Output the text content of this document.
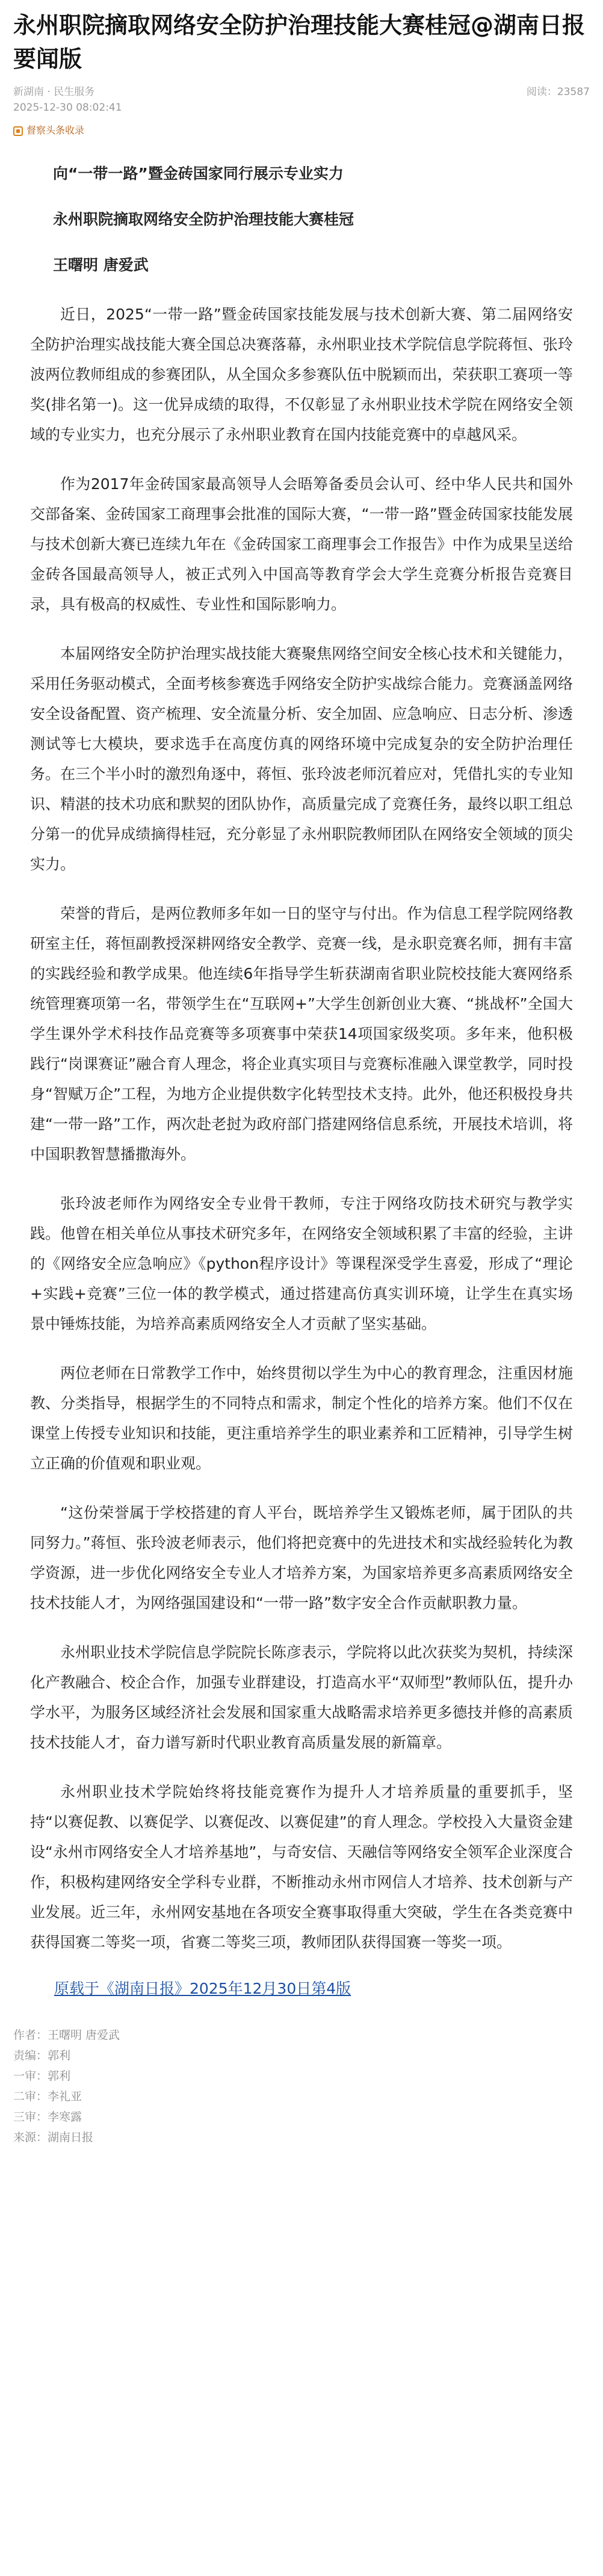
永州职院摘取网络安全防护治理技能大赛桂冠@湖南日报要闻版
新湖南 · 民生服务
2025-12-30 08:02:41
阅读：23587
督察头条收录

向“一带一路”暨金砖国家同行展示专业实力

永州职院摘取网络安全防护治理技能大赛桂冠

王曙明 唐爱武

近日，2025“一带一路”暨金砖国家技能发展与技术创新大赛、第二届网络安全防护治理实战技能大赛全国总决赛落幕，永州职业技术学院信息学院蒋恒、张玲波两位教师组成的参赛团队，从全国众多参赛队伍中脱颖而出，荣获职工赛项一等奖(排名第一)。这一优异成绩的取得，不仅彰显了永州职业技术学院在网络安全领域的专业实力，也充分展示了永州职业教育在国内技能竞赛中的卓越风采。

作为2017年金砖国家最高领导人会晤筹备委员会认可、经中华人民共和国外交部备案、金砖国家工商理事会批准的国际大赛，“一带一路”暨金砖国家技能发展与技术创新大赛已连续九年在《金砖国家工商理事会工作报告》中作为成果呈送给金砖各国最高领导人，被正式列入中国高等教育学会大学生竞赛分析报告竞赛目录，具有极高的权威性、专业性和国际影响力。

本届网络安全防护治理实战技能大赛聚焦网络空间安全核心技术和关键能力，采用任务驱动模式，全面考核参赛选手网络安全防护实战综合能力。竞赛涵盖网络安全设备配置、资产梳理、安全流量分析、安全加固、应急响应、日志分析、渗透测试等七大模块，要求选手在高度仿真的网络环境中完成复杂的安全防护治理任务。在三个半小时的激烈角逐中，蒋恒、张玲波老师沉着应对，凭借扎实的专业知识、精湛的技术功底和默契的团队协作，高质量完成了竞赛任务，最终以职工组总分第一的优异成绩摘得桂冠，充分彰显了永州职院教师团队在网络安全领域的顶尖实力。

荣誉的背后，是两位教师多年如一日的坚守与付出。作为信息工程学院网络教研室主任，蒋恒副教授深耕网络安全教学、竞赛一线，是永职竞赛名师，拥有丰富的实践经验和教学成果。他连续6年指导学生斩获湖南省职业院校技能大赛网络系统管理赛项第一名，带领学生在“互联网+”大学生创新创业大赛、“挑战杯”全国大学生课外学术科技作品竞赛等多项赛事中荣获14项国家级奖项。多年来，他积极践行“岗课赛证”融合育人理念，将企业真实项目与竞赛标准融入课堂教学，同时投身“智赋万企”工程，为地方企业提供数字化转型技术支持。此外，他还积极投身共建“一带一路”工作，两次赴老挝为政府部门搭建网络信息系统，开展技术培训，将中国职教智慧播撒海外。

张玲波老师作为网络安全专业骨干教师，专注于网络攻防技术研究与教学实践。他曾在相关单位从事技术研究多年，在网络安全领域积累了丰富的经验，主讲的《网络安全应急响应》《python程序设计》等课程深受学生喜爱，形成了“理论+实践+竞赛”三位一体的教学模式，通过搭建高仿真实训环境，让学生在真实场景中锤炼技能，为培养高素质网络安全人才贡献了坚实基础。

两位老师在日常教学工作中，始终贯彻以学生为中心的教育理念，注重因材施教、分类指导，根据学生的不同特点和需求，制定个性化的培养方案。他们不仅在课堂上传授专业知识和技能，更注重培养学生的职业素养和工匠精神，引导学生树立正确的价值观和职业观。

“这份荣誉属于学校搭建的育人平台，既培养学生又锻炼老师，属于团队的共同努力。”蒋恒、张玲波老师表示，他们将把竞赛中的先进技术和实战经验转化为教学资源，进一步优化网络安全专业人才培养方案，为国家培养更多高素质网络安全技术技能人才，为网络强国建设和“一带一路”数字安全合作贡献职教力量。

永州职业技术学院信息学院院长陈彦表示，学院将以此次获奖为契机，持续深化产教融合、校企合作，加强专业群建设，打造高水平“双师型”教师队伍，提升办学水平，为服务区域经济社会发展和国家重大战略需求培养更多德技并修的高素质技术技能人才，奋力谱写新时代职业教育高质量发展的新篇章。

永州职业技术学院始终将技能竞赛作为提升人才培养质量的重要抓手，坚持“以赛促教、以赛促学、以赛促改、以赛促建”的育人理念。学校投入大量资金建设“永州市网络安全人才培养基地”，与奇安信、天融信等网络安全领军企业深度合作，积极构建网络安全学科专业群，不断推动永州市网信人才培养、技术创新与产业发展。近三年，永州网安基地在各项安全赛事取得重大突破，学生在各类竞赛中获得国赛二等奖一项，省赛二等奖三项，教师团队获得国赛一等奖一项。

原载于《湖南日报》2025年12月30日第4版
作者： 王曙明 唐爱武
责编： 郭利
一审： 郭利
二审： 李礼亚
三审： 李寒露
来源： 湖南日报
